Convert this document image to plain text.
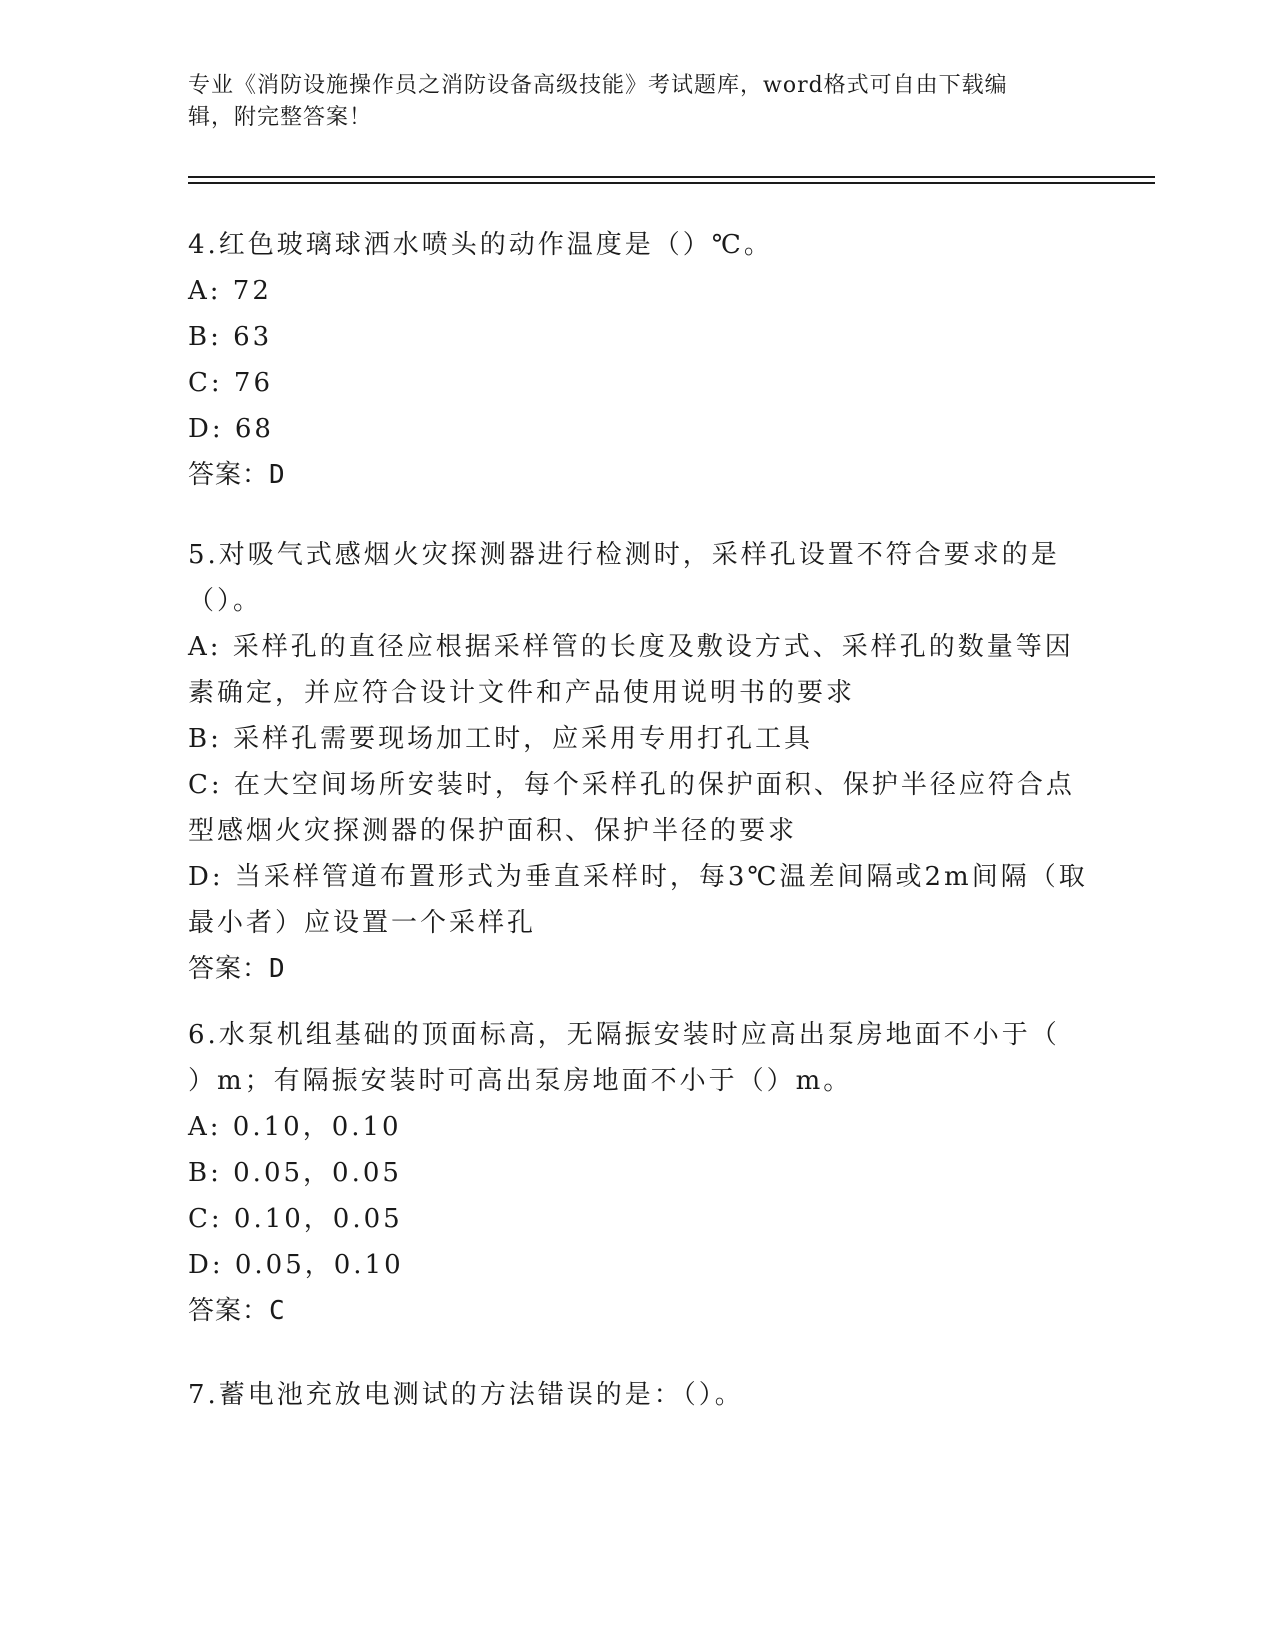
专业《消防设施操作员之消防设备高级技能》考试题库，word格式可自由下载编
辑，附完整答案！
4.红色玻璃球洒水喷头的动作温度是（）℃。
A: 72
B: 63
C: 76
D: 68
答案：D
5.对吸气式感烟火灾探测器进行检测时，采样孔设置不符合要求的是
（）。
A: 采样孔的直径应根据采样管的长度及敷设方式、采样孔的数量等因
素确定，并应符合设计文件和产品使用说明书的要求
B: 采样孔需要现场加工时，应采用专用打孔工具
C: 在大空间场所安装时，每个采样孔的保护面积、保护半径应符合点
型感烟火灾探测器的保护面积、保护半径的要求
D: 当采样管道布置形式为垂直采样时，每3℃温差间隔或2m间隔（取
最小者）应设置一个采样孔
答案：D
6.水泵机组基础的顶面标高，无隔振安装时应高出泵房地面不小于（
）m；有隔振安装时可高出泵房地面不小于（）m。
A: 0.10，0.10
B: 0.05，0.05
C: 0.10，0.05
D: 0.05，0.10
答案：C
7.蓄电池充放电测试的方法错误的是：（）。
